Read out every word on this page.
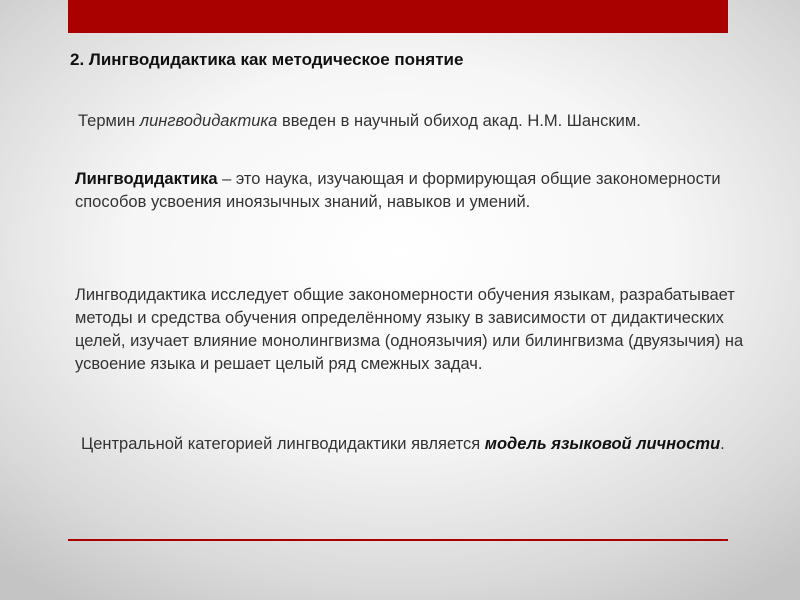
2. Лингводидактика как методическое понятие
Термин лингводидактика введен в научный обиход акад. Н.М. Шанским.
Лингводидактика – это наука, изучающая и формирующая общие закономерности способов усвоения иноязычных знаний, навыков и умений.
Лингводидактика исследует общие закономерности обучения языкам, разрабатывает методы и средства обучения определённому языку в зависимости от дидактических целей, изучает влияние монолингвизма (одноязычия) или билингвизма (двуязычия) на усвоение языка и решает целый ряд смежных задач.
Центральной категорией лингводидактики является модель языковой личности.
